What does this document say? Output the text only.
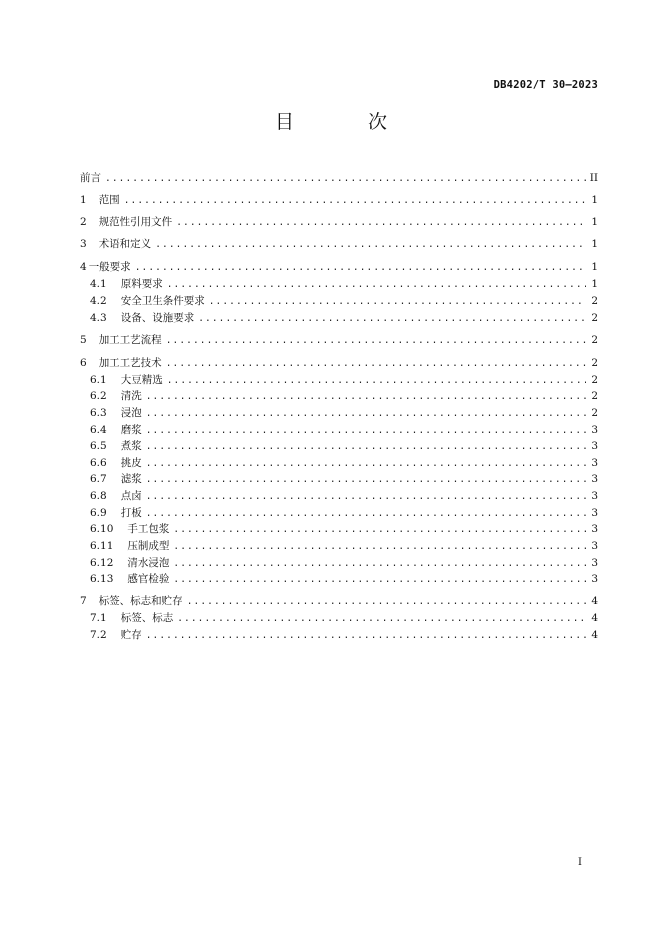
DB4202/T 30—2023
目 次
前言 .....	II
1 范围 .....	1
2 规范性引用文件 .....	1
3 术语和定义 .....	1
4 一般要求 .....	1
4.1 原料要求 .....	1
4.2 安全卫生条件要求 .....	2
4.3 设备、设施要求 .....	2
5 加工工艺流程 .....	2
6 加工工艺技术 .....	2
6.1 大豆精选 .....	2
6.2 清洗 .....	2
6.3 浸泡 .....	2
6.4 磨浆 .....	3
6.5 煮浆 .....	3
6.6 挑皮 .....	3
6.7 滤浆 .....	3
6.8 点卤 .....	3
6.9 打板 .....	3
6.10 手工包浆 .....	3
6.11 压制成型 .....	3
6.12 清水浸泡 .....	3
6.13 感官检验 .....	3
7 标签、标志和贮存 .....	4
7.1 标签、标志 .....	4
7.2 贮存 .....	4
I
